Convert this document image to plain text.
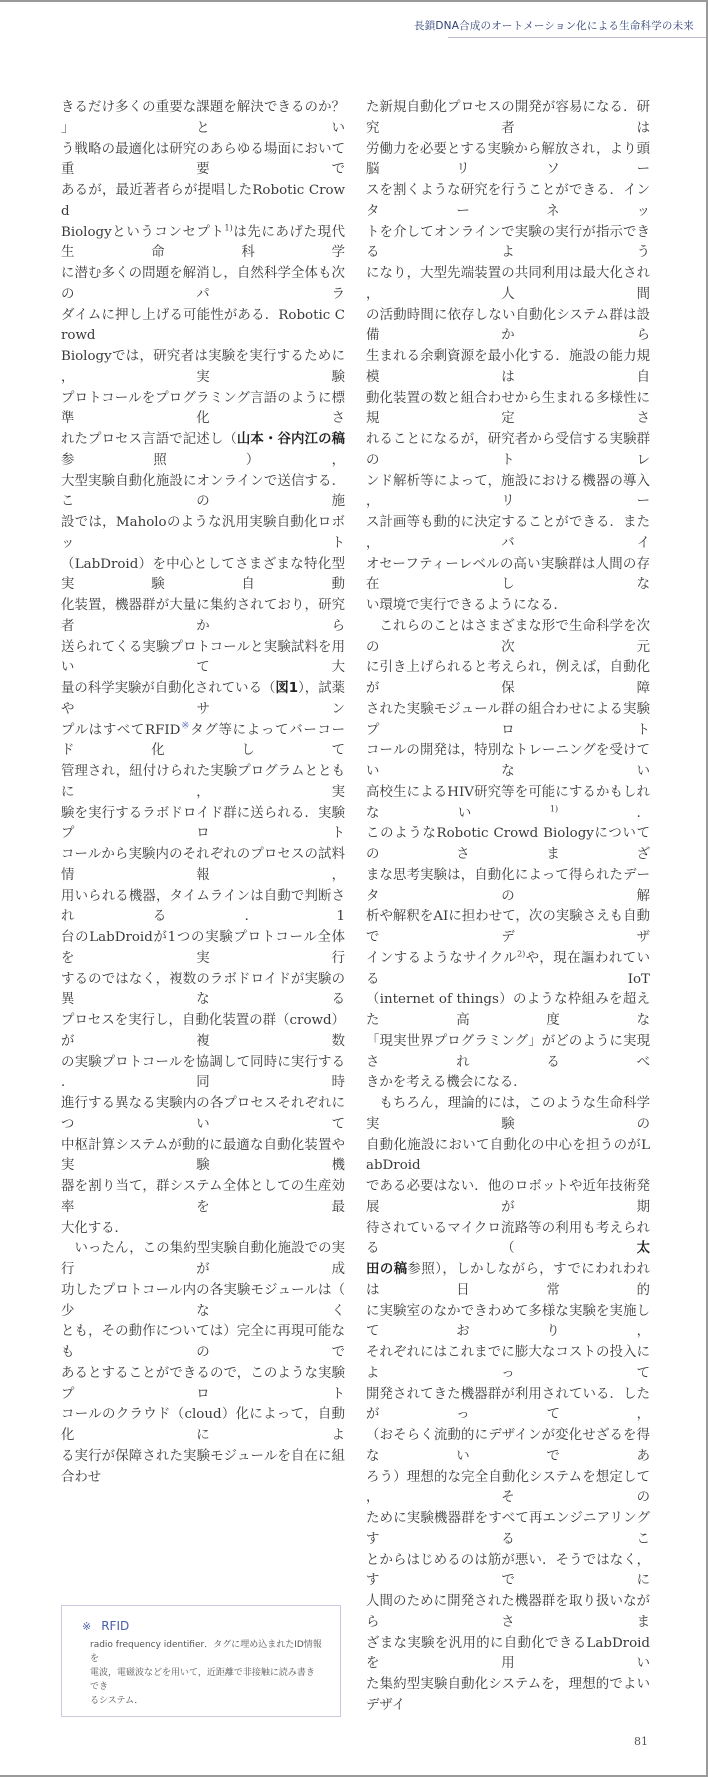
長鎖DNA合成のオートメーション化による生命科学の未来
きるだけ多くの重要な課題を解決できるのか？」とい
う戦略の最適化は研究のあらゆる場面において重要で
あるが，最近著者らが提唱したRobotic Crowd
Biologyというコンセプト$^{1)}$は先にあげた現代生命科学
に潜む多くの問題を解消し，自然科学全体も次のパラ
ダイムに押し上げる可能性がある．Robotic Crowd
Biologyでは，研究者は実験を実行するために，実験
プロトコールをプログラミング言語のように標準化さ
れたプロセス言語で記述し（山本・谷内江の稿参照），
大型実験自動化施設にオンラインで送信する．この施
設では，Maholoのような汎用実験自動化ロボット
（LabDroid）を中心としてさまざまな特化型実験自動
化装置，機器群が大量に集約されており，研究者から
送られてくる実験プロトコールと実験試料を用いて大
量の科学実験が自動化されている（図1），試薬やサン
プルはすべてRFID※タグ等によってバーコード化して
管理され，紐付けられた実験プログラムとともに，実
験を実行するラボドロイド群に送られる．実験プロト
コールから実験内のそれぞれのプロセスの試料情報，
用いられる機器，タイムラインは自動で判断される．1
台のLabDroidが1つの実験プロトコール全体を実行
するのではなく，複数のラボドロイドが実験の異なる
プロセスを実行し，自動化装置の群（crowd）が複数
の実験プロトコールを協調して同時に実行する．同時
進行する異なる実験内の各プロセスそれぞれについて
中枢計算システムが動的に最適な自動化装置や実験機
器を割り当て，群システム全体としての生産効率を最
大化する．
　いったん，この集約型実験自動化施設での実行が成
功したプロトコール内の各実験モジュールは（少なく
とも，その動作については）完全に再現可能なもので
あるとすることができるので，このような実験プロト
コールのクラウド（cloud）化によって，自動化によ
る実行が保障された実験モジュールを自在に組合わせ
※ RFID
radio frequency identifier．タグに埋め込まれたID情報を
電波，電磁波などを用いて，近距離で非接触に読み書きでき
るシステム．
た新規自動化プロセスの開発が容易になる．研究者は
労働力を必要とする実験から解放され，より頭脳リソー
スを割くような研究を行うことができる．インターネッ
トを介してオンラインで実験の実行が指示できるよう
になり，大型先端装置の共同利用は最大化され，人間
の活動時間に依存しない自動化システム群は設備から
生まれる余剰資源を最小化する．施設の能力規模は自
動化装置の数と組合わせから生まれる多様性に規定さ
れることになるが，研究者から受信する実験群のトレ
ンド解析等によって，施設における機器の導入，リー
ス計画等も動的に決定することができる．また，バイ
オセーフティーレベルの高い実験群は人間の存在しな
い環境で実行できるようになる．
　これらのことはさまざまな形で生命科学を次の次元
に引き上げられると考えられ，例えば，自動化が保障
された実験モジュール群の組合わせによる実験プロト
コールの開発は，特別なトレーニングを受けていない
高校生によるHIV研究等を可能にするかもしれない$^{1)}$．
このようなRobotic Crowd Biologyについてのさまざ
まな思考実験は，自動化によって得られたデータの解
析や解釈をAIに担わせて，次の実験さえも自動でデザ
インするようなサイクル$^{2)}$や，現在謳われているIoT
（internet of things）のような枠組みを超えた高度な
「現実世界プログラミング」がどのように実現されるべ
きかを考える機会になる．
　もちろん，理論的には，このような生命科学実験の
自動化施設において自動化の中心を担うのがLabDroid
である必要はない．他のロボットや近年技術発展が期
待されているマイクロ流路等の利用も考えられる（太
田の稿参照），しかしながら，すでにわれわれは日常的
に実験室のなかできわめて多様な実験を実施しており，
それぞれにはこれまでに膨大なコストの投入によって
開発されてきた機器群が利用されている．したがって，
（おそらく流動的にデザインが変化せざるを得ないであ
ろう）理想的な完全自動化システムを想定して，その
ために実験機器群をすべて再エンジニアリングするこ
とからはじめるのは筋が悪い．そうではなく，すでに
人間のために開発された機器群を取り扱いながらさま
ざまな実験を汎用的に自動化できるLabDroidを用い
た集約型実験自動化システムを，理想的でよいデザイ
81
